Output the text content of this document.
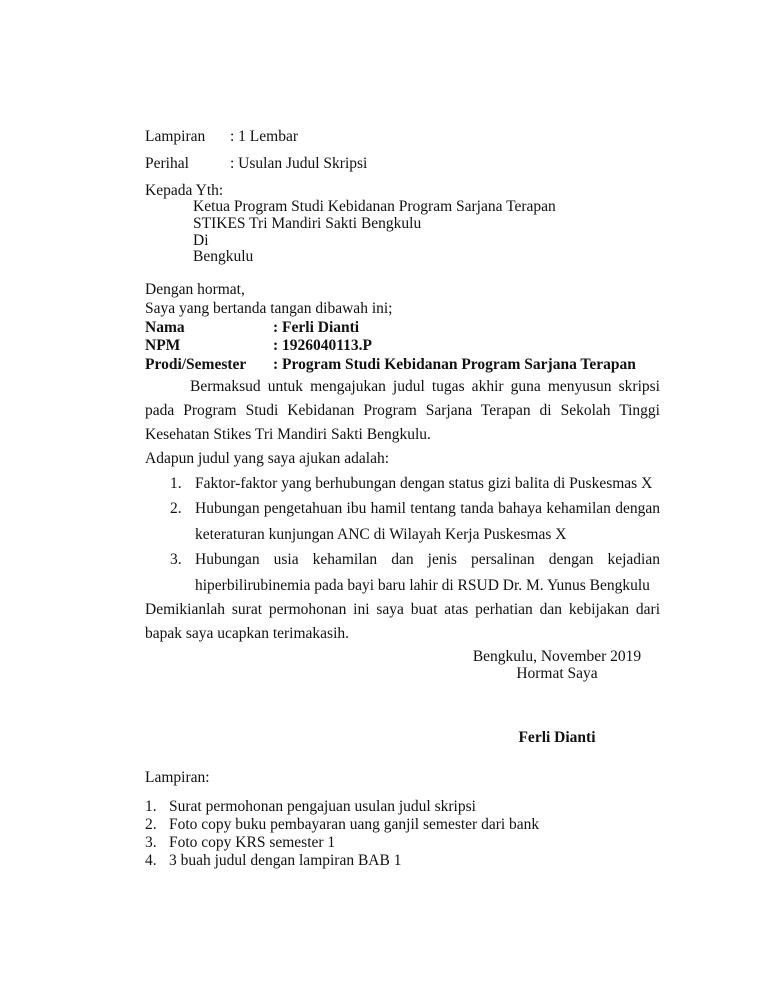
Lampiran : 1 Lembar
Perihal	: Usulan Judul Skripsi
Kepada Yth:
Ketua Program Studi Kebidanan Program Sarjana Terapan
STIKES Tri Mandiri Sakti Bengkulu
Di
Bengkulu
Dengan hormat,
Saya yang bertanda tangan dibawah ini;
Nama	: Ferli Dianti
NPM	: 1926040113.P
Prodi/Semester : Program Studi Kebidanan Program Sarjana Terapan

Bermaksud untuk mengajukan judul tugas akhir guna menyusun skripsi pada Program Studi Kebidanan Program Sarjana Terapan di Sekolah Tinggi Kesehatan Stikes Tri Mandiri Sakti Bengkulu.

Adapun judul yang saya ajukan adalah:
1. Faktor-faktor yang berhubungan dengan status gizi balita di Puskesmas X
2. Hubungan pengetahuan ibu hamil tentang tanda bahaya kehamilan dengan keteraturan kunjungan ANC di Wilayah Kerja Puskesmas X
3. Hubungan usia kehamilan dan jenis persalinan dengan kejadian hiperbilirubinemia pada bayi baru lahir di RSUD Dr. M. Yunus Bengkulu

Demikianlah surat permohonan ini saya buat atas perhatian dan kebijakan dari bapak saya ucapkan terimakasih.

Bengkulu, November 2019
Hormat Saya
Ferli Dianti
Lampiran:
1. Surat permohonan pengajuan usulan judul skripsi
2. Foto copy buku pembayaran uang ganjil semester dari bank
3. Foto copy KRS semester 1
4. 3 buah judul dengan lampiran BAB 1
